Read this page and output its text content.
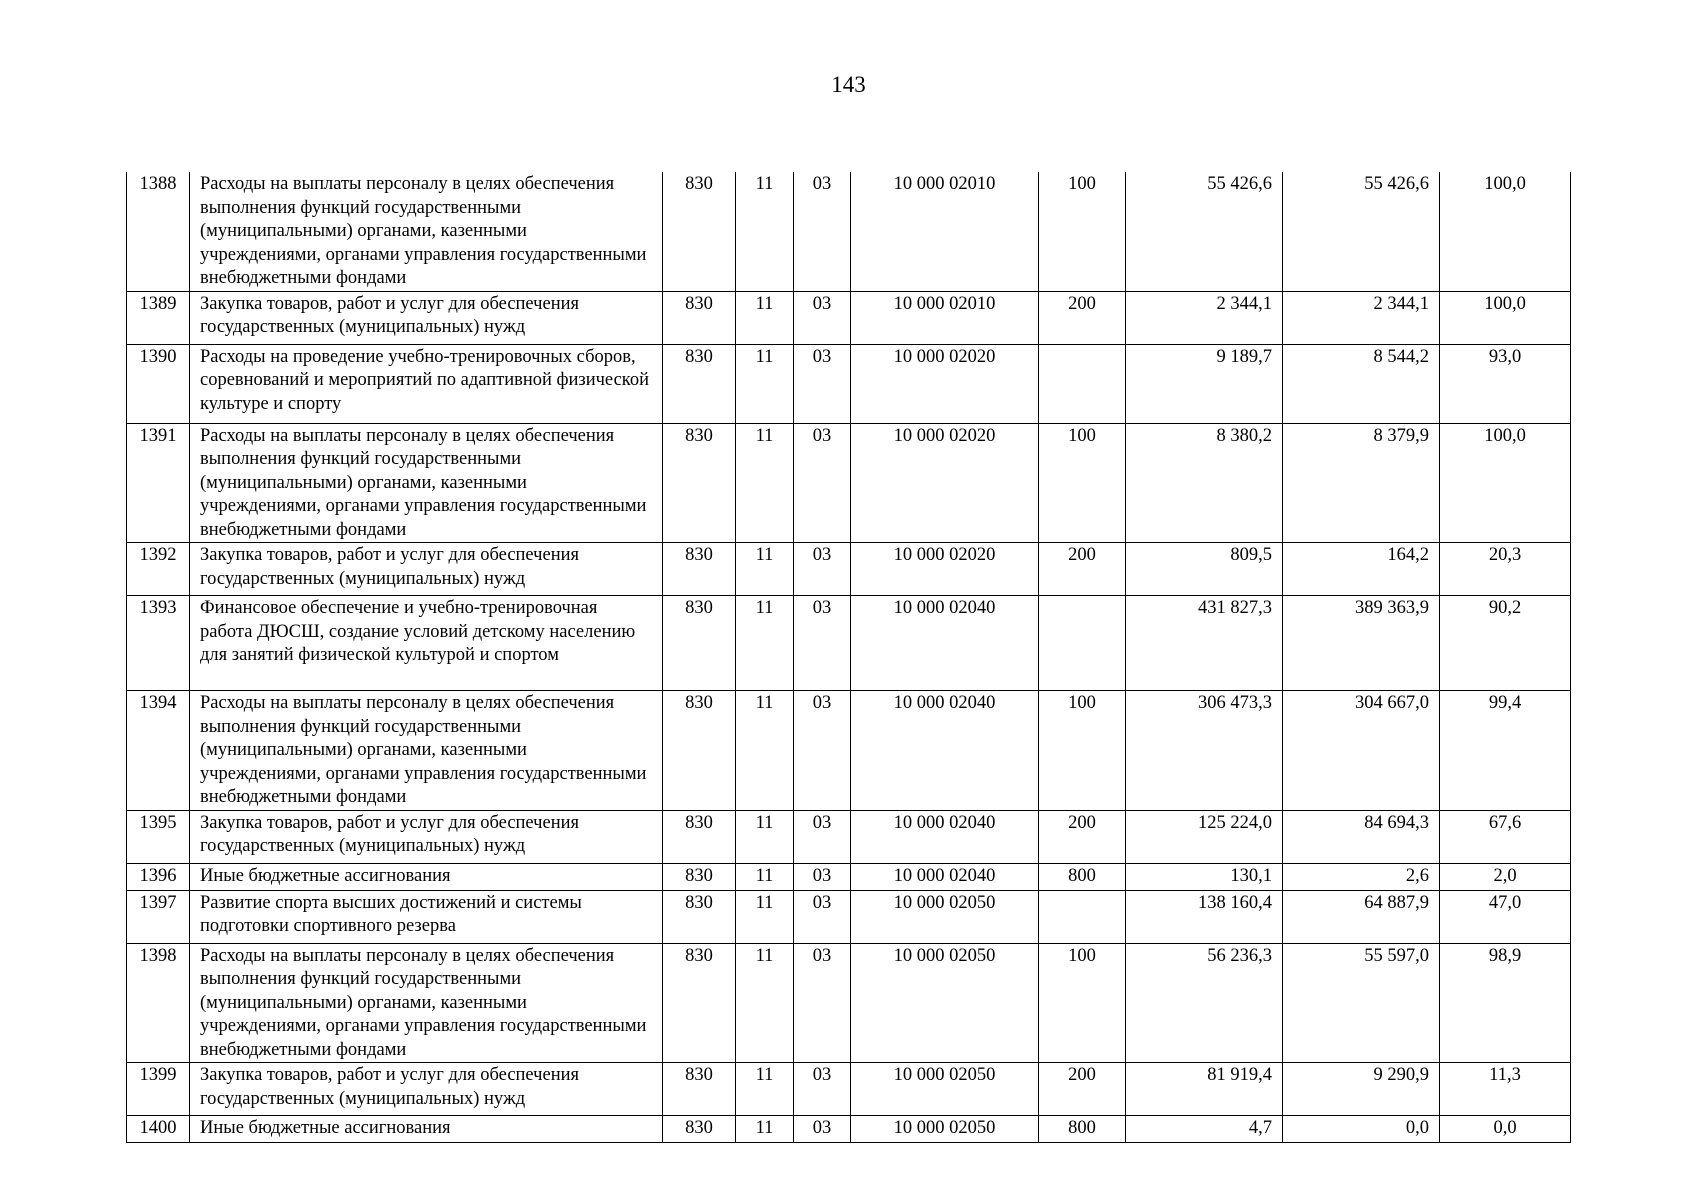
143
1388	Расходы на выплаты персоналу в целях обеспечения выполнения функций государственными (муниципальными) органами, казенными учреждениями, органами управления государственными внебюджетными фондами	830	11	03	10 000 02010	100	55 426,6	55 426,6	100,0
1389	Закупка товаров, работ и услуг для обеспечения государственных (муниципальных) нужд	830	11	03	10 000 02010	200	2 344,1	2 344,1	100,0
1390	Расходы на проведение учебно-тренировочных сборов, соревнований и мероприятий по адаптивной физической культуре и спорту	830	11	03	10 000 02020		9 189,7	8 544,2	93,0
1391	Расходы на выплаты персоналу в целях обеспечения выполнения функций государственными (муниципальными) органами, казенными учреждениями, органами управления государственными внебюджетными фондами	830	11	03	10 000 02020	100	8 380,2	8 379,9	100,0
1392	Закупка товаров, работ и услуг для обеспечения государственных (муниципальных) нужд	830	11	03	10 000 02020	200	809,5	164,2	20,3
1393	Финансовое обеспечение и учебно-тренировочная работа ДЮСШ, создание условий детскому населению для занятий физической культурой и спортом	830	11	03	10 000 02040		431 827,3	389 363,9	90,2
1394	Расходы на выплаты персоналу в целях обеспечения выполнения функций государственными (муниципальными) органами, казенными учреждениями, органами управления государственными внебюджетными фондами	830	11	03	10 000 02040	100	306 473,3	304 667,0	99,4
1395	Закупка товаров, работ и услуг для обеспечения государственных (муниципальных) нужд	830	11	03	10 000 02040	200	125 224,0	84 694,3	67,6
1396	Иные бюджетные ассигнования	830	11	03	10 000 02040	800	130,1	2,6	2,0
1397	Развитие спорта высших достижений и системы подготовки спортивного резерва	830	11	03	10 000 02050		138 160,4	64 887,9	47,0
1398	Расходы на выплаты персоналу в целях обеспечения выполнения функций государственными (муниципальными) органами, казенными учреждениями, органами управления государственными внебюджетными фондами	830	11	03	10 000 02050	100	56 236,3	55 597,0	98,9
1399	Закупка товаров, работ и услуг для обеспечения государственных (муниципальных) нужд	830	11	03	10 000 02050	200	81 919,4	9 290,9	11,3
1400	Иные бюджетные ассигнования	830	11	03	10 000 02050	800	4,7	0,0	0,0
